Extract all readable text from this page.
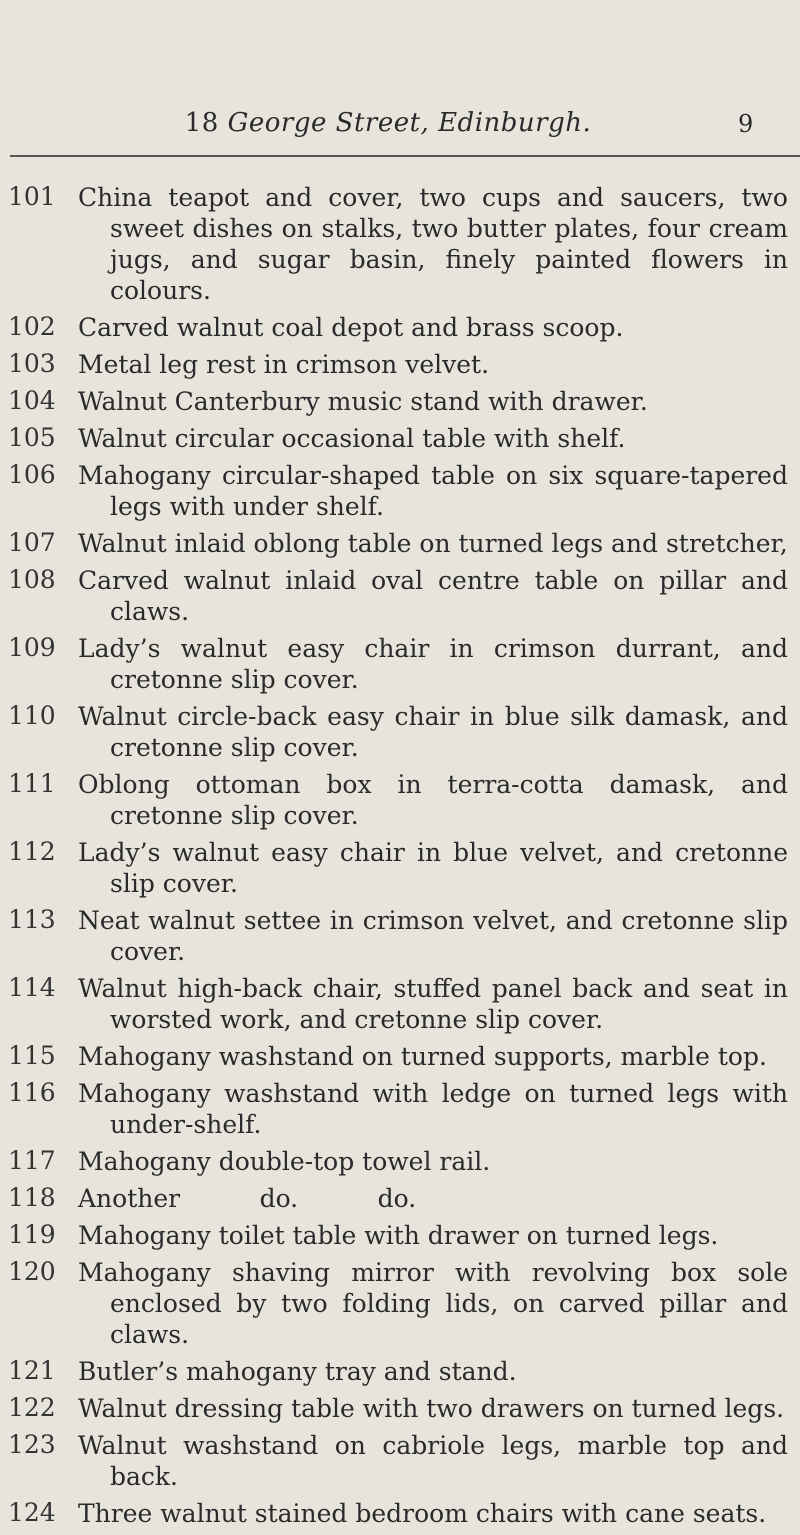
18 George Street, Edinburgh.	9
101 China teapot and cover, two cups and saucers, two sweet dishes on stalks, two butter plates, four cream jugs, and sugar basin, finely painted flowers in colours.
102 Carved walnut coal depot and brass scoop.
103 Metal leg rest in crimson velvet.
104 Walnut Canterbury music stand with drawer.
105 Walnut circular occasional table with shelf.
106 Mahogany circular-shaped table on six square-tapered legs with under shelf.
107 Walnut inlaid oblong table on turned legs and stretcher,
108 Carved walnut inlaid oval centre table on pillar and claws.
109 Lady’s walnut easy chair in crimson durrant, and cretonne slip cover.
110 Walnut circle-back easy chair in blue silk damask, and cretonne slip cover.
111 Oblong ottoman box in terra-cotta damask, and cretonne slip cover.
112 Lady’s walnut easy chair in blue velvet, and cretonne slip cover.
113 Neat walnut settee in crimson velvet, and cretonne slip cover.
114 Walnut high-back chair, stuffed panel back and seat in worsted work, and cretonne slip cover.
115 Mahogany washstand on turned supports, marble top.
116 Mahogany washstand with ledge on turned legs with under-shelf.
117 Mahogany double-top towel rail.
118 Another          do.          do.
119 Mahogany toilet table with drawer on turned legs.
120 Mahogany shaving mirror with revolving box sole enclosed by two folding lids, on carved pillar and claws.
121 Butler’s mahogany tray and stand.
122 Walnut dressing table with two drawers on turned legs.
123 Walnut washstand on cabriole legs, marble top and back.
124 Three walnut stained bedroom chairs with cane seats.
